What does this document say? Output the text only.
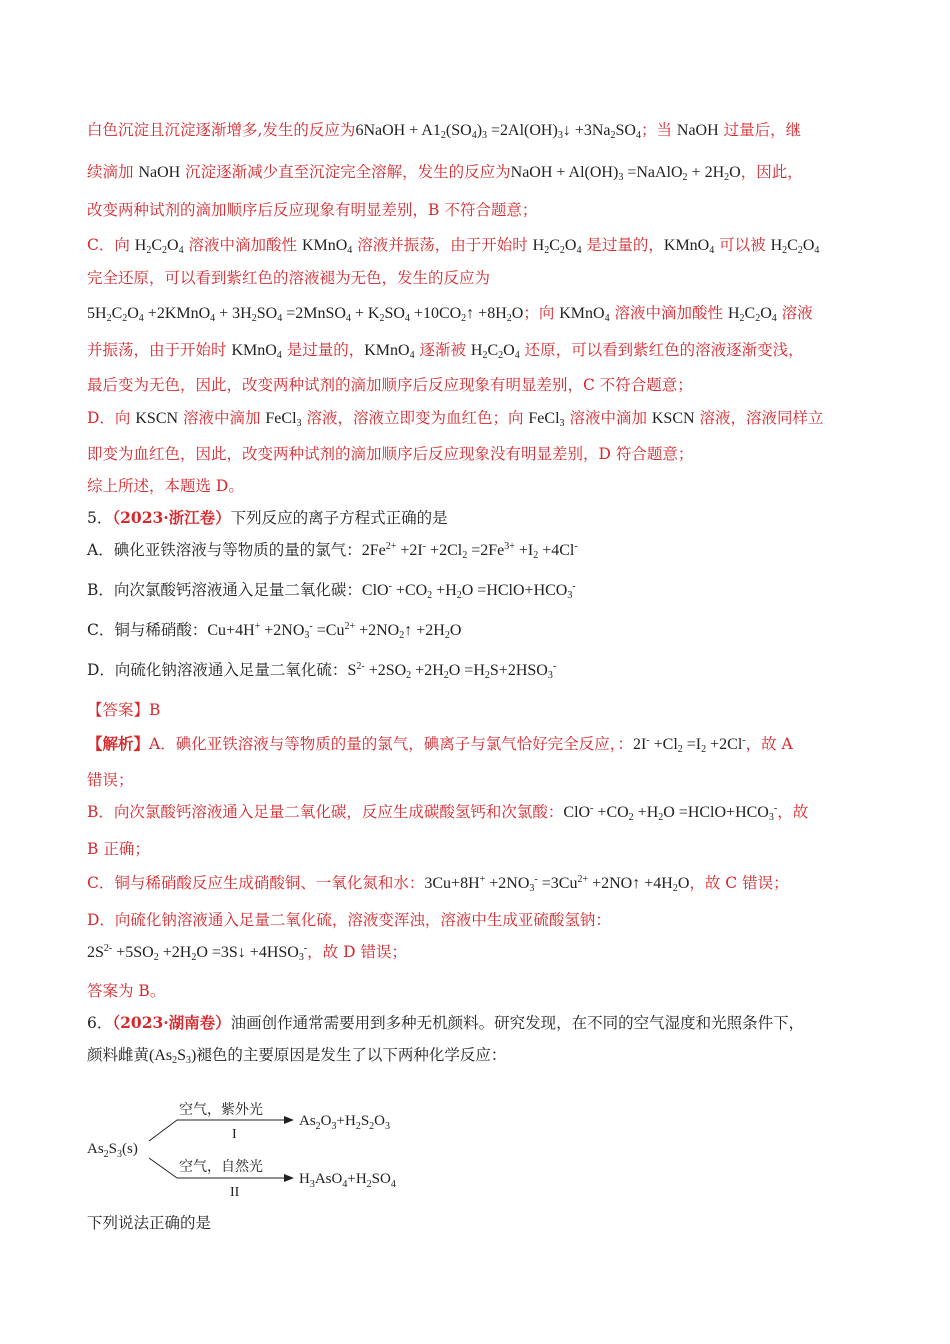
白色沉淀且沉淀逐渐增多,发生的反应为6NaOH + $A1_2(SO_4)_3$ $=2Al(OH)_3↓ +3Na_2SO_4$；当 NaOH 过量后，继
续滴加 NaOH 沉淀逐渐减少直至沉淀完全溶解，发生的反应为NaOH + $Al(OH)_3$ =NaAlO$_2$ + $2H_2O$，因此，
改变两种试剂的滴加顺序后反应现象有明显差别，B 不符合题意；
C．向 $H_2C_2O_4$ 溶液中滴加酸性 KMnO$_4$ 溶液并振荡，由于开始时 $H_2C_2O_4$ 是过量的，KMnO$_4$ 可以被 $H_2C_2O_4$
完全还原，可以看到紫红色的溶液褪为无色，发生的反应为
$5H_2C_2O_4$ +2KMnO$_4$ + $3H_2SO_4$ =2MnSO$_4$ + $K_2SO_4$ $+10CO_2↑ +8H_2O$；向 KMnO$_4$ 溶液中滴加酸性 $H_2C_2O_4$ 溶液
并振荡，由于开始时 KMnO$_4$ 是过量的，KMnO$_4$ 逐渐被 $H_2C_2O_4$ 还原，可以看到紫红色的溶液逐渐变浅，
最后变为无色，因此，改变两种试剂的滴加顺序后反应现象有明显差别，C 不符合题意；
D．向 KSCN 溶液中滴加 FeCl$_3$ 溶液，溶液立即变为血红色；向 FeCl$_3$ 溶液中滴加 KSCN 溶液，溶液同样立
即变为血红色，因此，改变两种试剂的滴加顺序后反应现象没有明显差别，D 符合题意；
综上所述，本题选 D。
5．（2023·浙江卷）下列反应的离子方程式正确的是
A．碘化亚铁溶液与等物质的量的氯气：$2Fe^{2+} +2I^- +2Cl_2 =2Fe^{3+} +I_2 +4Cl^-$
B．向次氯酸钙溶液通入足量二氧化碳：$ClO^- +CO_2 +H_2O$ $=HClO+HCO_3^-$
C．铜与稀硝酸：$Cu+4H^+ +2NO_3^- =Cu^{2+}$ $+2NO_2↑ +2H_2O$
D．向硫化钠溶液通入足量二氧化硫：$S^{2-} +2SO_2 +2H_2O =H_2S+2HSO_3^-$
【答案】B
【解析】A．碘化亚铁溶液与等物质的量的氯气，碘离子与氯气恰好完全反应，：$2I^- +Cl_2 =I_2 +2Cl^-$，故 A
错误；
B．向次氯酸钙溶液通入足量二氧化碳，反应生成碳酸氢钙和次氯酸：$ClO^- +CO_2 +H_2O$ $=HClO+HCO_3^-$，故
B 正确；
C．铜与稀硝酸反应生成硝酸铜、一氧化氮和水：$3Cu+8H^+ +2NO_3^- =3Cu^{2+}$ +2NO↑ $+4H_2O$，故 C 错误；
D．向硫化钠溶液通入足量二氧化硫，溶液变浑浊，溶液中生成亚硫酸氢钠：
$2S^{2-} +5SO_2 +2H_2O$ =3S↓ $+4HSO_3^-$，故 D 错误；
答案为 B。
6．（2023·湖南卷）油画创作通常需要用到多种无机颜料。研究发现，在不同的空气湿度和光照条件下，
颜料雌黄$(As_2S_3)$褪色的主要原因是发生了以下两种化学反应：
$As_2S_3(s)$
空气，紫外光
I
$As_2O_3+H_2S_2O_3$
空气，自然光
II
$H_3AsO_4+H_2SO_4$
下列说法正确的是
